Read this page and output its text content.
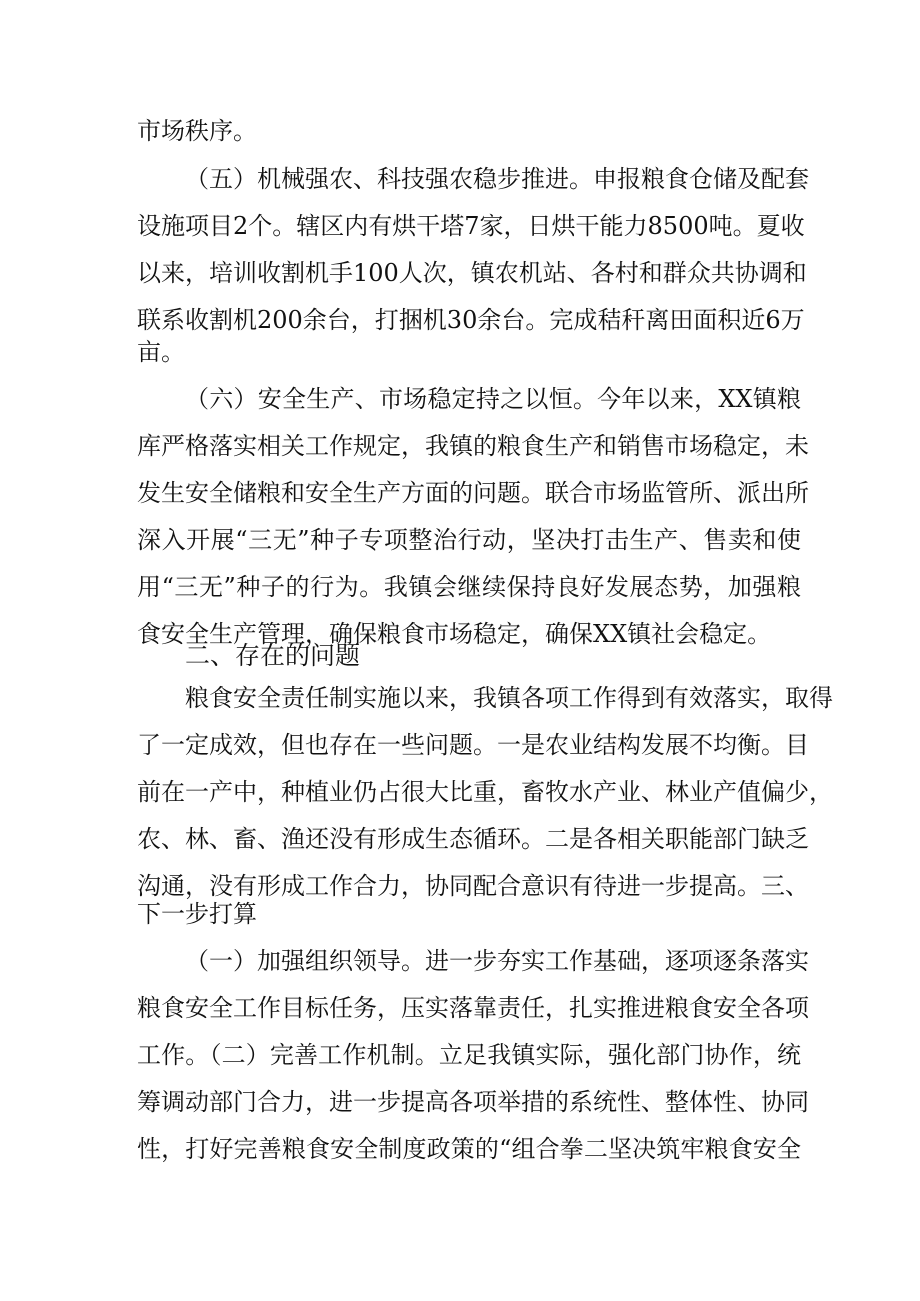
市场秩序。
（五）机械强农、科技强农稳步推进。申报粮食仓储及配套
设施项目2个。辖区内有烘干塔7家，日烘干能力8500吨。夏收
以来，培训收割机手100人次，镇农机站、各村和群众共协调和
联系收割机200余台，打捆机30余台。完成秸秆离田面积近6万
亩。
（六）安全生产、市场稳定持之以恒。今年以来，XX镇粮
库严格落实相关工作规定，我镇的粮食生产和销售市场稳定，未
发生安全储粮和安全生产方面的问题。联合市场监管所、派出所
深入开展“三无”种子专项整治行动，坚决打击生产、售卖和使
用“三无”种子的行为。我镇会继续保持良好发展态势，加强粮
食安全生产管理，确保粮食市场稳定，确保XX镇社会稳定。
二、存在的问题
粮食安全责任制实施以来，我镇各项工作得到有效落实，取得
了一定成效，但也存在一些问题。一是农业结构发展不均衡。目
前在一产中，种植业仍占很大比重，畜牧水产业、林业产值偏少，
农、林、畜、渔还没有形成生态循环。二是各相关职能部门缺乏
沟通，没有形成工作合力，协同配合意识有待进一步提高。三、
下一步打算
（一）加强组织领导。进一步夯实工作基础，逐项逐条落实
粮食安全工作目标任务，压实落靠责任，扎实推进粮食安全各项
工作。（二）完善工作机制。立足我镇实际，强化部门协作，统
筹调动部门合力，进一步提高各项举措的系统性、整体性、协同
性，打好完善粮食安全制度政策的“组合拳二坚决筑牢粮食安全
